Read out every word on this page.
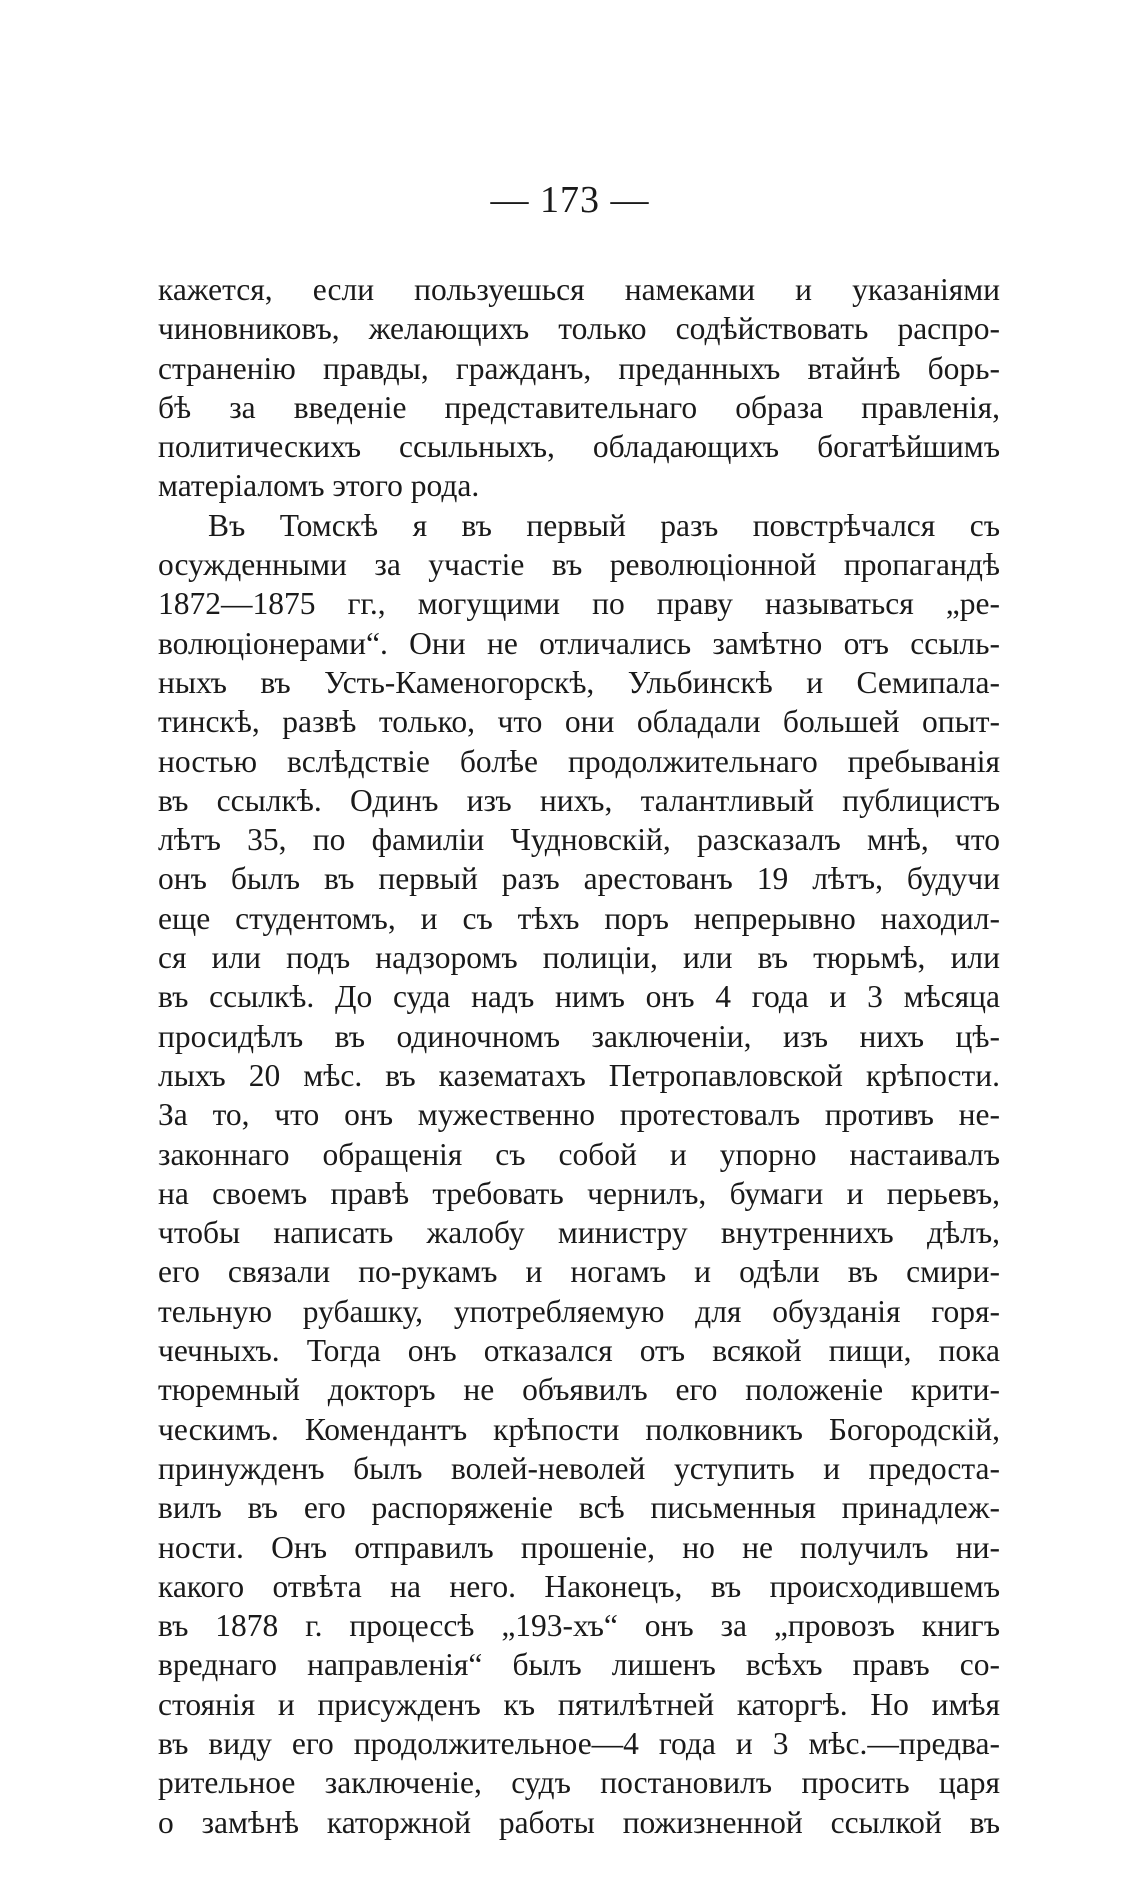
— 173 —
кажется, если пользуешься намеками и указаніями
чиновниковъ, желающихъ только содѣйствовать распро-
страненію правды, гражданъ, преданныхъ втайнѣ борь-
бѣ за введеніе представительнаго образа правленія,
политическихъ ссыльныхъ, обладающихъ богатѣйшимъ
матеріаломъ этого рода.
Въ Томскѣ я въ первый разъ повстрѣчался съ
осужденными за участіе въ революціонной пропагандѣ
1872—1875 гг., могущими по праву называться „ре-
волюціонерами“. Они не отличались замѣтно отъ ссыль-
ныхъ въ Усть-Каменогорскѣ, Ульбинскѣ и Семипала-
тинскѣ, развѣ только, что они обладали большей опыт-
ностью вслѣдствіе болѣе продолжительнаго пребыванія
въ ссылкѣ. Одинъ изъ нихъ, талантливый публицистъ
лѣтъ 35, по фамиліи Чудновскій, разсказалъ мнѣ, что
онъ былъ въ первый разъ арестованъ 19 лѣтъ, будучи
еще студентомъ, и съ тѣхъ поръ непрерывно находил-
ся или подъ надзоромъ полиціи, или въ тюрьмѣ, или
въ ссылкѣ. До суда надъ нимъ онъ 4 года и 3 мѣсяца
просидѣлъ въ одиночномъ заключеніи, изъ нихъ цѣ-
лыхъ 20 мѣс. въ казематахъ Петропавловской крѣпости.
За то, что онъ мужественно протестовалъ противъ не-
законнаго обращенія съ собой и упорно настаивалъ
на своемъ правѣ требовать чернилъ, бумаги и перьевъ,
чтобы написать жалобу министру внутреннихъ дѣлъ,
его связали по-рукамъ и ногамъ и одѣли въ смири-
тельную рубашку, употребляемую для обузданія горя-
чечныхъ. Тогда онъ отказался отъ всякой пищи, пока
тюремный докторъ не объявилъ его положеніе крити-
ческимъ. Комендантъ крѣпости полковникъ Богородскій,
принужденъ былъ волей-неволей уступить и предоста-
вилъ въ его распоряженіе всѣ письменныя принадлеж-
ности. Онъ отправилъ прошеніе, но не получилъ ни-
какого отвѣта на него. Наконецъ, въ происходившемъ
въ 1878 г. процессѣ „193-хъ“ онъ за „провозъ книгъ
вреднаго направленія“ былъ лишенъ всѣхъ правъ со-
стоянія и присужденъ къ пятилѣтней каторгѣ. Но имѣя
въ виду его продолжительное—4 года и 3 мѣс.—предва-
рительное заключеніе, судъ постановилъ просить царя
о замѣнѣ каторжной работы пожизненной ссылкой въ
